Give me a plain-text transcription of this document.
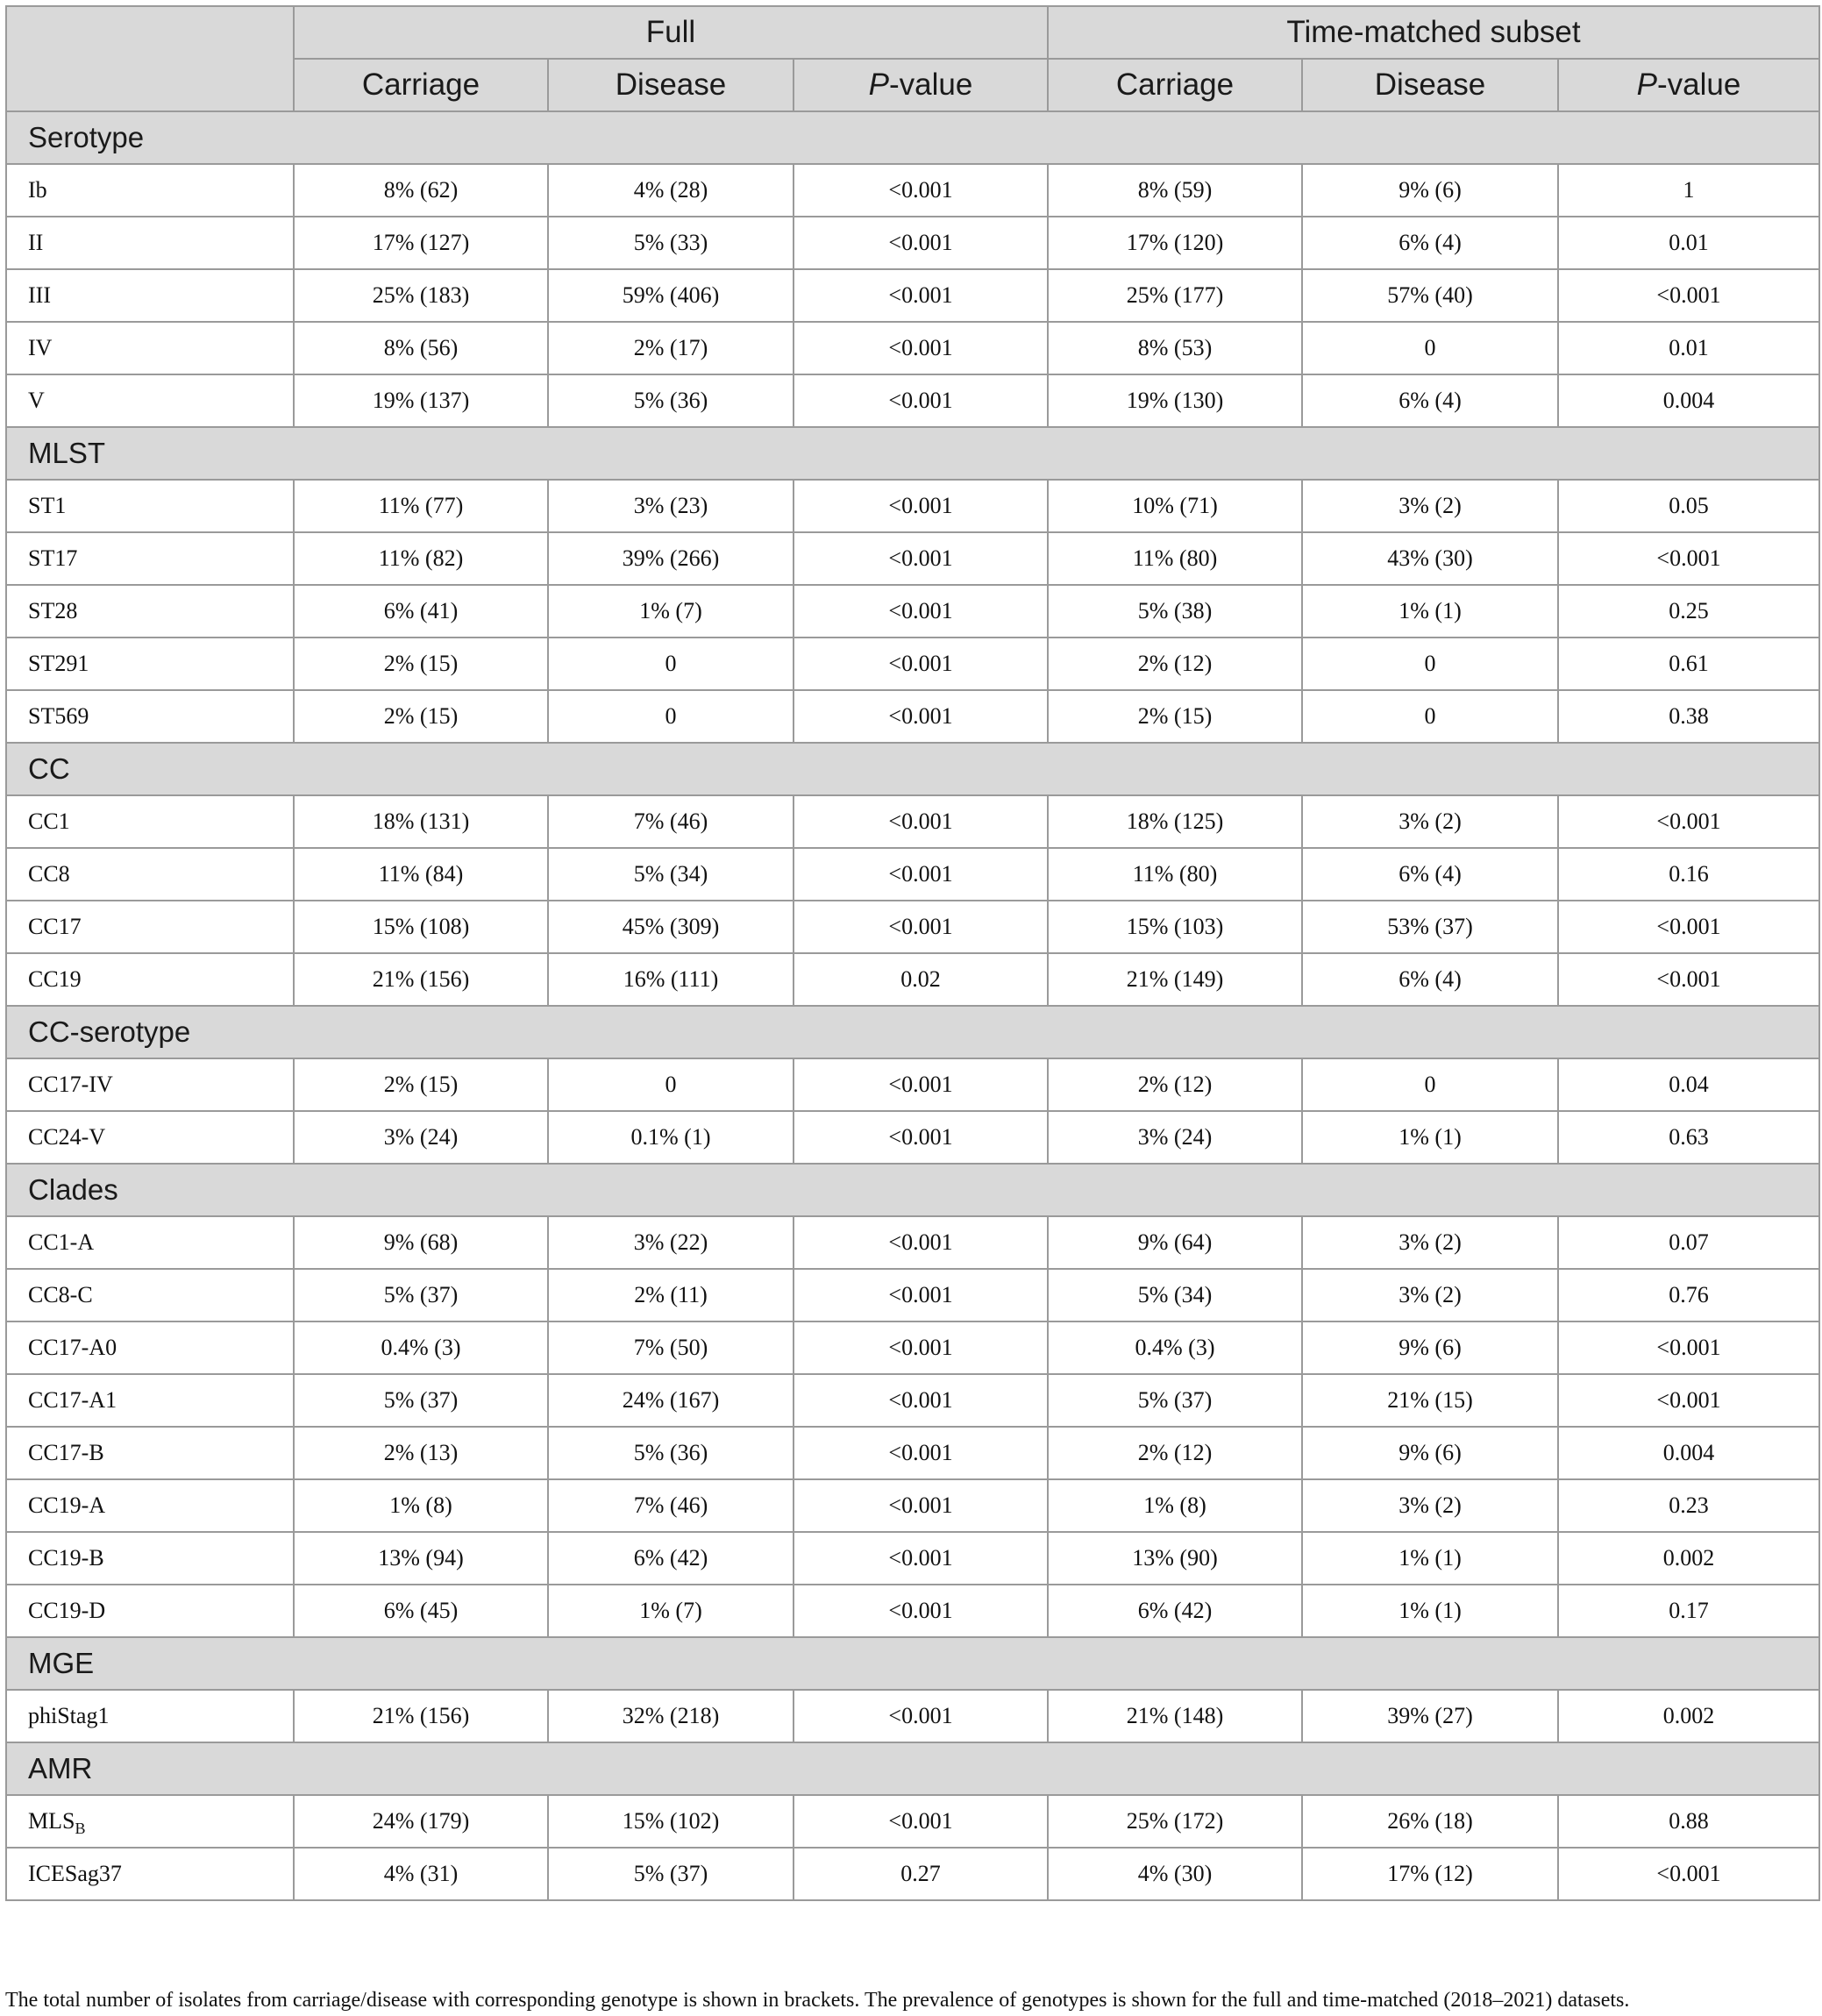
	Full			Time-matched subset		
	Carriage	Disease	P-value	Carriage	Disease	P-value
Serotype						
Ib	8% (62)	4% (28)	<0.001	8% (59)	9% (6)	1
II	17% (127)	5% (33)	<0.001	17% (120)	6% (4)	0.01
III	25% (183)	59% (406)	<0.001	25% (177)	57% (40)	<0.001
IV	8% (56)	2% (17)	<0.001	8% (53)	0	0.01
V	19% (137)	5% (36)	<0.001	19% (130)	6% (4)	0.004
MLST						
ST1	11% (77)	3% (23)	<0.001	10% (71)	3% (2)	0.05
ST17	11% (82)	39% (266)	<0.001	11% (80)	43% (30)	<0.001
ST28	6% (41)	1% (7)	<0.001	5% (38)	1% (1)	0.25
ST291	2% (15)	0	<0.001	2% (12)	0	0.61
ST569	2% (15)	0	<0.001	2% (15)	0	0.38
CC						
CC1	18% (131)	7% (46)	<0.001	18% (125)	3% (2)	<0.001
CC8	11% (84)	5% (34)	<0.001	11% (80)	6% (4)	0.16
CC17	15% (108)	45% (309)	<0.001	15% (103)	53% (37)	<0.001
CC19	21% (156)	16% (111)	0.02	21% (149)	6% (4)	<0.001
CC-serotype						
CC17-IV	2% (15)	0	<0.001	2% (12)	0	0.04
CC24-V	3% (24)	0.1% (1)	<0.001	3% (24)	1% (1)	0.63
Clades						
CC1-A	9% (68)	3% (22)	<0.001	9% (64)	3% (2)	0.07
CC8-C	5% (37)	2% (11)	<0.001	5% (34)	3% (2)	0.76
CC17-A0	0.4% (3)	7% (50)	<0.001	0.4% (3)	9% (6)	<0.001
CC17-A1	5% (37)	24% (167)	<0.001	5% (37)	21% (15)	<0.001
CC17-B	2% (13)	5% (36)	<0.001	2% (12)	9% (6)	0.004
CC19-A	1% (8)	7% (46)	<0.001	1% (8)	3% (2)	0.23
CC19-B	13% (94)	6% (42)	<0.001	13% (90)	1% (1)	0.002
CC19-D	6% (45)	1% (7)	<0.001	6% (42)	1% (1)	0.17
MGE						
phiStag1	21% (156)	32% (218)	<0.001	21% (148)	39% (27)	0.002
AMR						
$MLS_B$	24% (179)	15% (102)	<0.001	25% (172)	26% (18)	0.88
ICESag37	4% (31)	5% (37)	0.27	4% (30)	17% (12)	<0.001
The total number of isolates from carriage/disease with corresponding genotype is shown in brackets. The prevalence of genotypes is shown for the full and time-matched (2018–2021) datasets.
